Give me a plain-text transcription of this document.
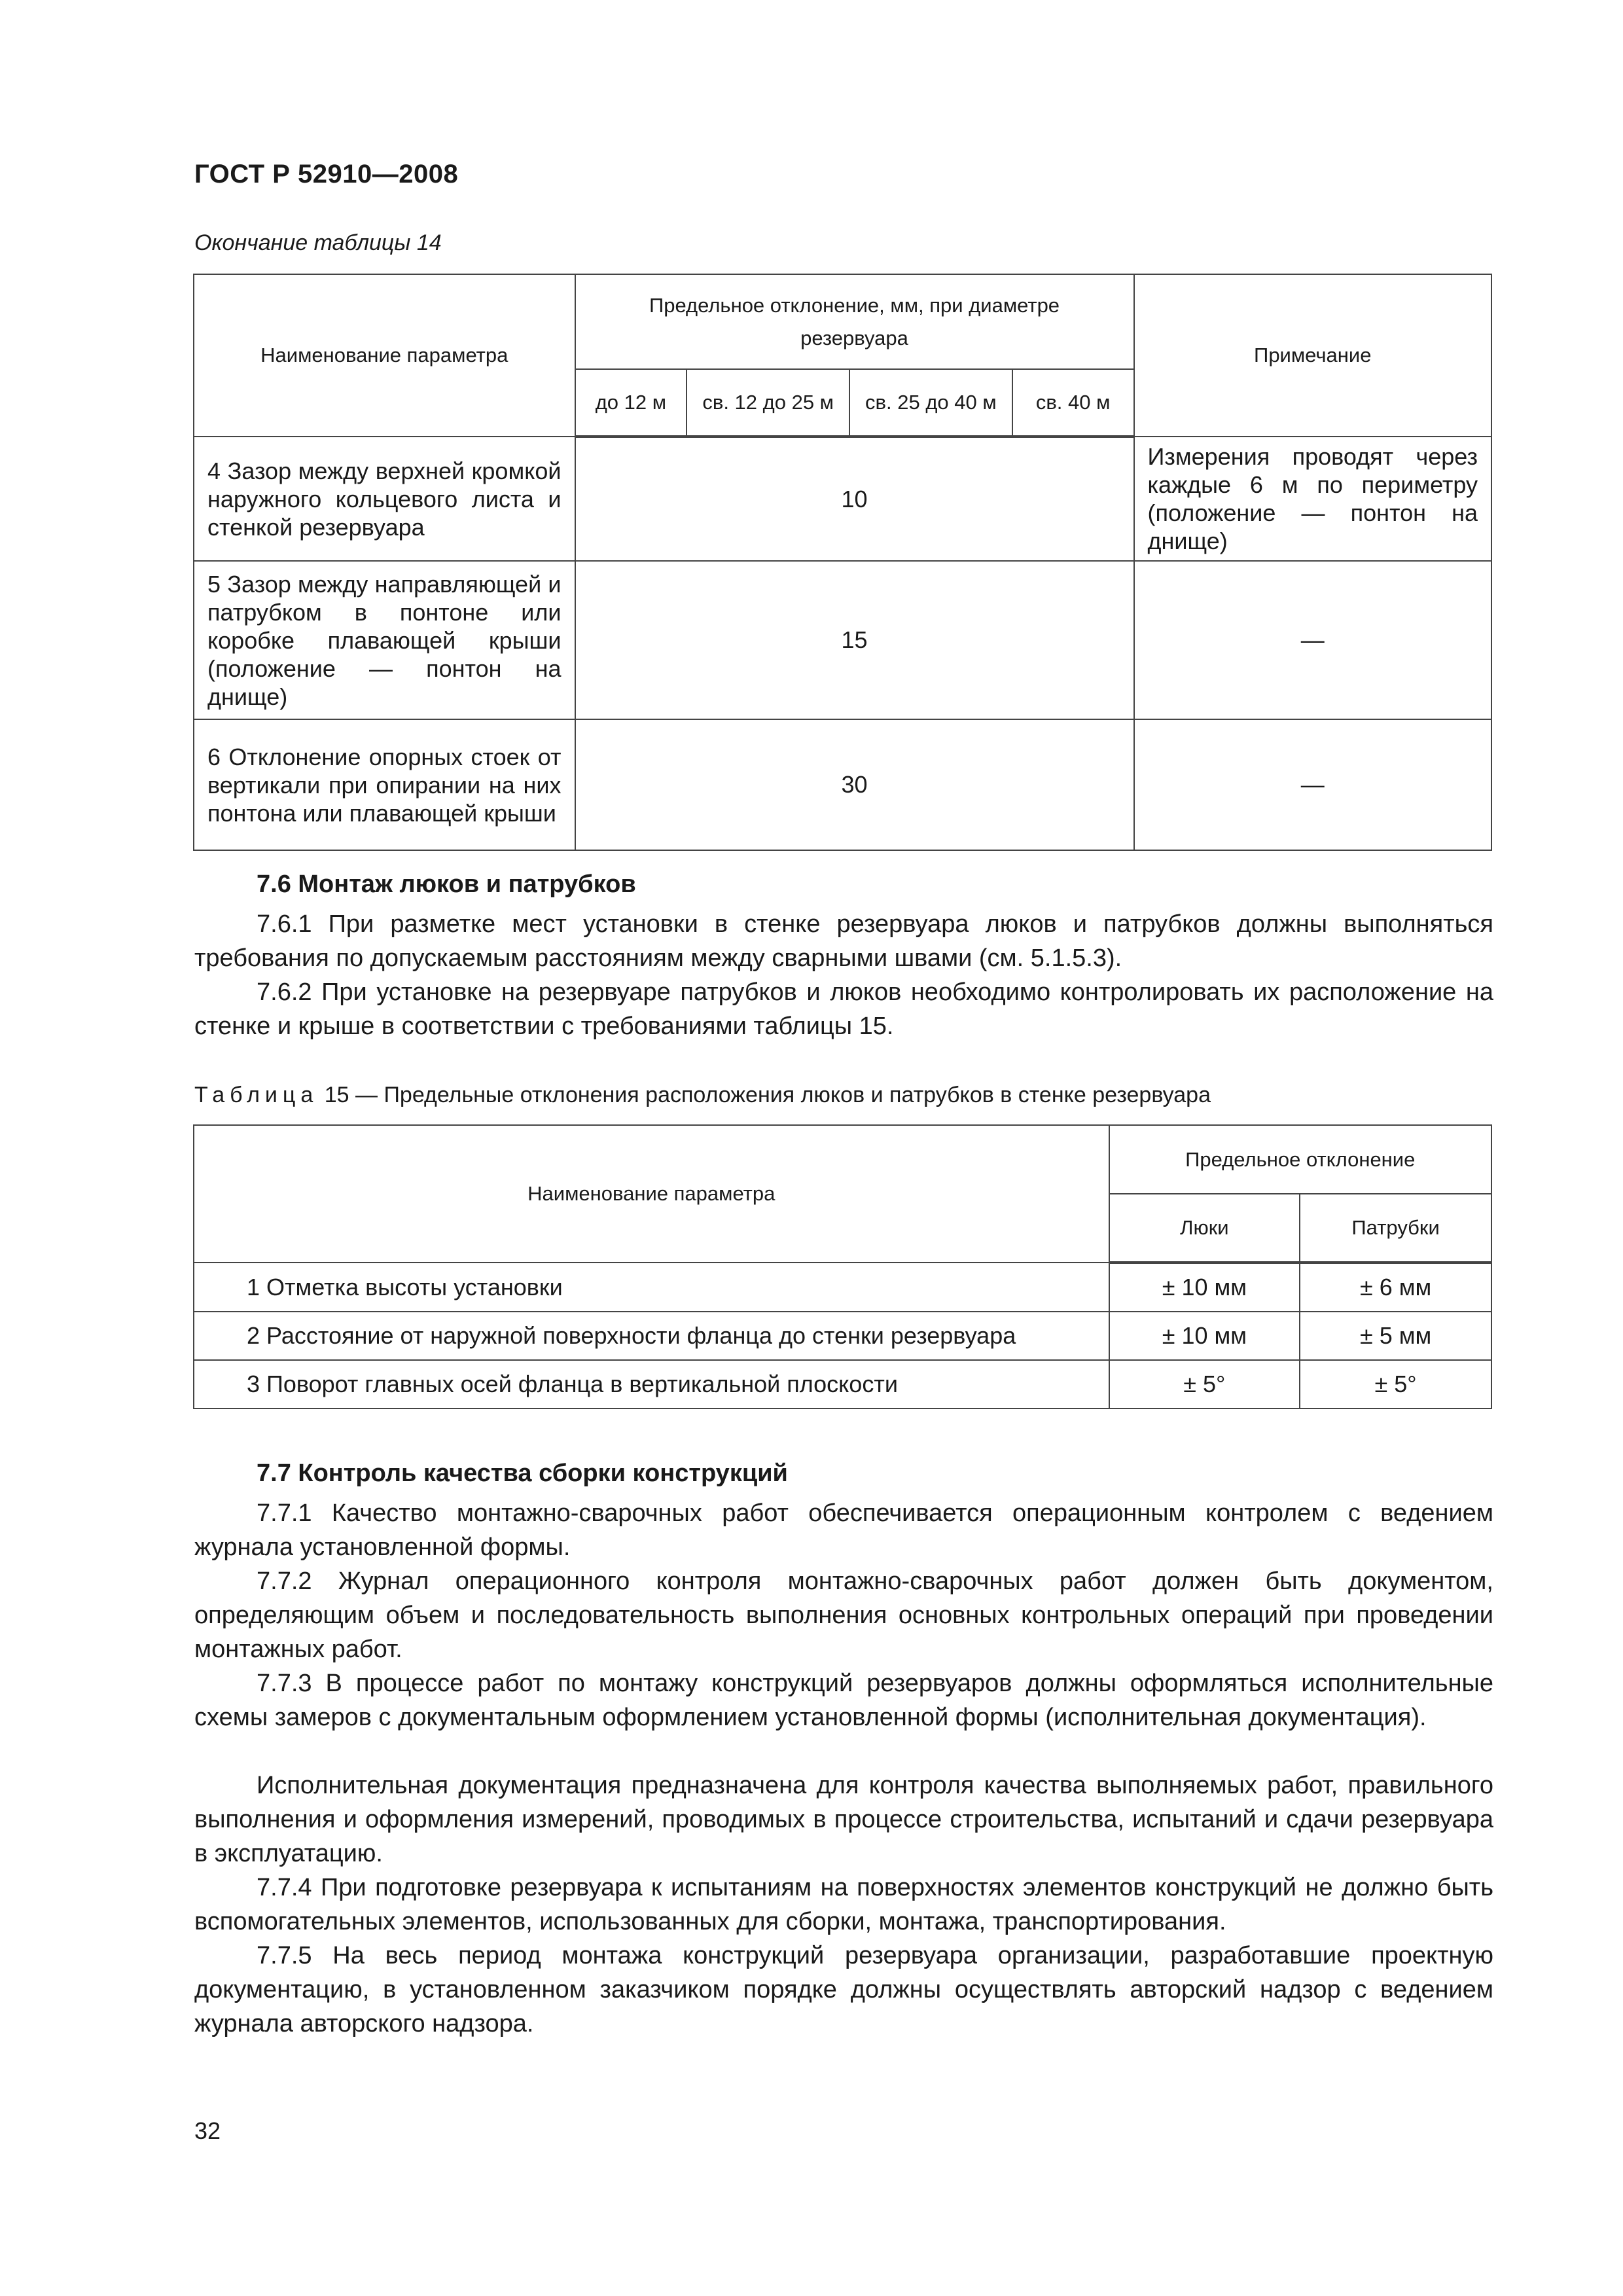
ГОСТ Р 52910—2008
Окончание таблицы 14
Наименование параметра	Предельное отклонение, мм, при диаметре резервуара				Примечание
	до 12 м	св. 12 до 25 м	св. 25 до 40 м	св. 40 м	
4 Зазор между верхней кромкой наружного кольцевого листа и стенкой резервуара	10				Измерения проводят через каждые 6 м по периметру (положение — понтон на днище)
5 Зазор между направляющей и патрубком в понтоне или коробке плавающей крыши (положение — понтон на днище)	15				—
6 Отклонение опорных стоек от вертикали при опирании на них понтона или плавающей крыши	30				—
7.6 Монтаж люков и патрубков
7.6.1 При разметке мест установки в стенке резервуара люков и патрубков должны выполняться требования по допускаемым расстояниям между сварными швами (см. 5.1.5.3).
7.6.2 При установке на резервуаре патрубков и люков необходимо контролировать их расположение на стенке и крыше в соответствии с требованиями таблицы 15.
Таблица 15 — Предельные отклонения расположения люков и патрубков в стенке резервуара
Наименование параметра	Предельное отклонение	
	Люки	Патрубки
1 Отметка высоты установки	± 10 мм	± 6 мм
2 Расстояние от наружной поверхности фланца до стенки резервуара	± 10 мм	± 5 мм
3 Поворот главных осей фланца в вертикальной плоскости	± 5°	± 5°
7.7 Контроль качества сборки конструкций
7.7.1 Качество монтажно-сварочных работ обеспечивается операционным контролем с ведением журнала установленной формы.
7.7.2 Журнал операционного контроля монтажно-сварочных работ должен быть документом, определяющим объем и последовательность выполнения основных контрольных операций при проведении монтажных работ.
7.7.3 В процессе работ по монтажу конструкций резервуаров должны оформляться исполнительные схемы замеров с документальным оформлением установленной формы (исполнительная документация).
Исполнительная документация предназначена для контроля качества выполняемых работ, правильного выполнения и оформления измерений, проводимых в процессе строительства, испытаний и сдачи резервуара в эксплуатацию.
7.7.4 При подготовке резервуара к испытаниям на поверхностях элементов конструкций не должно быть вспомогательных элементов, использованных для сборки, монтажа, транспортирования.
7.7.5 На весь период монтажа конструкций резервуара организации, разработавшие проектную документацию, в установленном заказчиком порядке должны осуществлять авторский надзор с ведением журнала авторского надзора.
32
